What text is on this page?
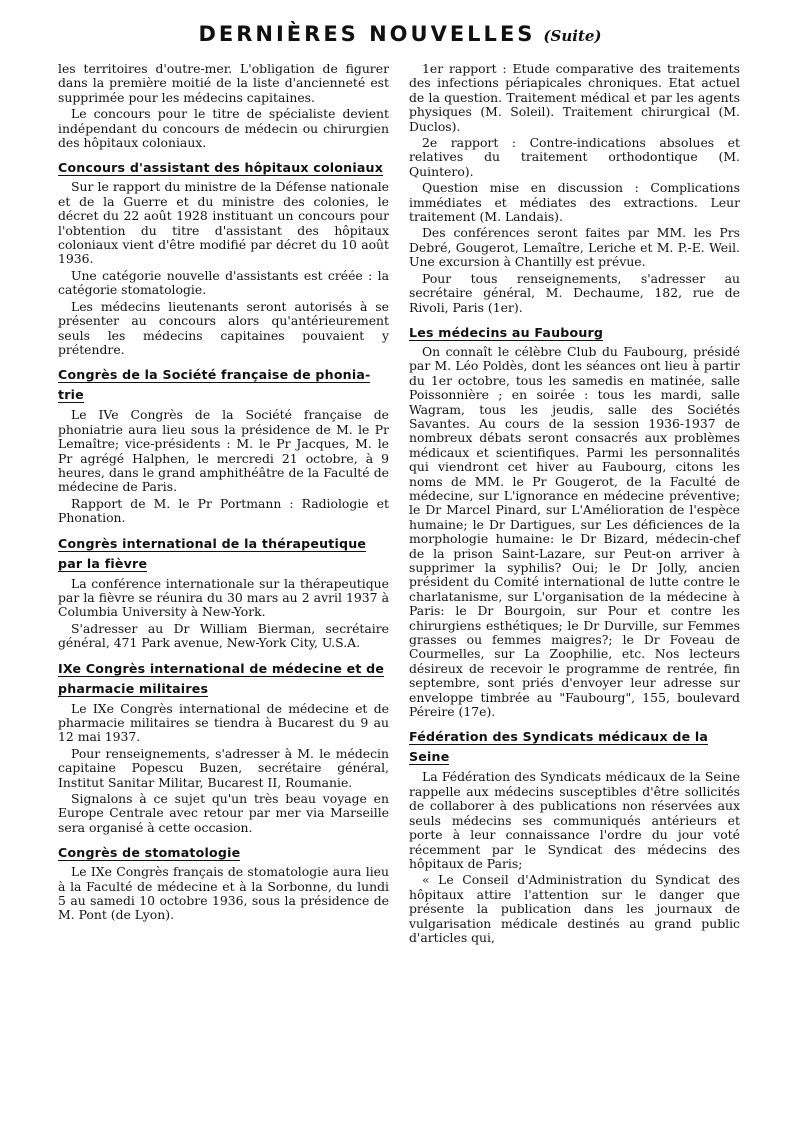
DERNIÈRES NOUVELLES (Suite)

les territoires d'outre-mer. L'obligation de figurer dans la première moitié de la liste d'ancienneté est supprimée pour les médecins capitaines.

Le concours pour le titre de spécialiste devient indépendant du concours de médecin ou chirurgien des hôpitaux coloniaux.

Concours d'assistant des hôpitaux coloniaux

Sur le rapport du ministre de la Défense nationale et de la Guerre et du ministre des colonies, le décret du 22 août 1928 instituant un concours pour l'obtention du titre d'assistant des hôpitaux coloniaux vient d'être modifié par décret du 10 août 1936.

Une catégorie nouvelle d'assistants est créée : la catégorie stomatologie.

Les médecins lieutenants seront autorisés à se présenter au concours alors qu'antérieurement seuls les médecins capitaines pouvaient y prétendre.

Congrès de la Société française de phonia-
trie

Le IVe Congrès de la Société française de phoniatrie aura lieu sous la présidence de M. le Pr Lemaître; vice-présidents : M. le Pr Jacques, M. le Pr agrégé Halphen, le mercredi 21 octobre, à 9 heures, dans le grand amphithéâtre de la Faculté de médecine de Paris.

Rapport de M. le Pr Portmann : Radiologie et Phonation.

Congrès international de la thérapeutique
par la fièvre

La conférence internationale sur la thérapeutique par la fièvre se réunira du 30 mars au 2 avril 1937 à Columbia University à New-York.

S'adresser au Dr William Bierman, secrétaire général, 471 Park avenue, New-York City, U.S.A.

IXe Congrès international de médecine et de
pharmacie militaires

Le IXe Congrès international de médecine et de pharmacie militaires se tiendra à Bucarest du 9 au 12 mai 1937.

Pour renseignements, s'adresser à M. le médecin capitaine Popescu Buzen, secrétaire général, Institut Sanitar Militar, Bucarest II, Roumanie.

Signalons à ce sujet qu'un très beau voyage en Europe Centrale avec retour par mer via Marseille sera organisé à cette occasion.

Congrès de stomatologie

Le IXe Congrès français de stomatologie aura lieu à la Faculté de médecine et à la Sorbonne, du lundi 5 au samedi 10 octobre 1936, sous la présidence de M. Pont (de Lyon).

1er rapport : Etude comparative des traitements des infections périapicales chroniques. Etat actuel de la question. Traitement médical et par les agents physiques (M. Soleil). Traitement chirurgical (M. Duclos).

2e rapport : Contre-indications absolues et relatives du traitement orthodontique (M. Quintero).

Question mise en discussion : Complications immédiates et médiates des extractions. Leur traitement (M. Landais).

Des conférences seront faites par MM. les Prs Debré, Gougerot, Lemaître, Leriche et M. P.-E. Weil. Une excursion à Chantilly est prévue.

Pour tous renseignements, s'adresser au secrétaire général, M. Dechaume, 182, rue de Rivoli, Paris (1er).

Les médecins au Faubourg

On connaît le célèbre Club du Faubourg, présidé par M. Léo Poldès, dont les séances ont lieu à partir du 1er octobre, tous les samedis en matinée, salle Poissonnière ; en soirée : tous les mardi, salle Wagram, tous les jeudis, salle des Sociétés Savantes. Au cours de la session 1936-1937 de nombreux débats seront consacrés aux problèmes médicaux et scientifiques. Parmi les personnalités qui viendront cet hiver au Faubourg, citons les noms de MM. le Pr Gougerot, de la Faculté de médecine, sur L'ignorance en médecine préventive; le Dr Marcel Pinard, sur L'Amélioration de l'espèce humaine; le Dr Dartigues, sur Les déficiences de la morphologie humaine: le Dr Bizard, médecin-chef de la prison Saint-Lazare, sur Peut-on arriver à supprimer la syphilis? Oui; le Dr Jolly, ancien président du Comité international de lutte contre le charlatanisme, sur L'organisation de la médecine à Paris: le Dr Bourgoin, sur Pour et contre les chirurgiens esthétiques; le Dr Durville, sur Femmes grasses ou femmes maigres?; le Dr Foveau de Courmelles, sur La Zoophilie, etc. Nos lecteurs désireux de recevoir le programme de rentrée, fin septembre, sont priés d'envoyer leur adresse sur enveloppe timbrée au "Faubourg", 155, boulevard Péreire (17e).

Fédération des Syndicats médicaux de la
Seine

La Fédération des Syndicats médicaux de la Seine rappelle aux médecins susceptibles d'être sollicités de collaborer à des publications non réservées aux seuls médecins ses communiqués antérieurs et porte à leur connaissance l'ordre du jour voté récemment par le Syndicat des médecins des hôpitaux de Paris;

« Le Conseil d'Administration du Syndicat des hôpitaux attire l'attention sur le danger que présente la publication dans les journaux de vulgarisation médicale destinés au grand public d'articles qui,
